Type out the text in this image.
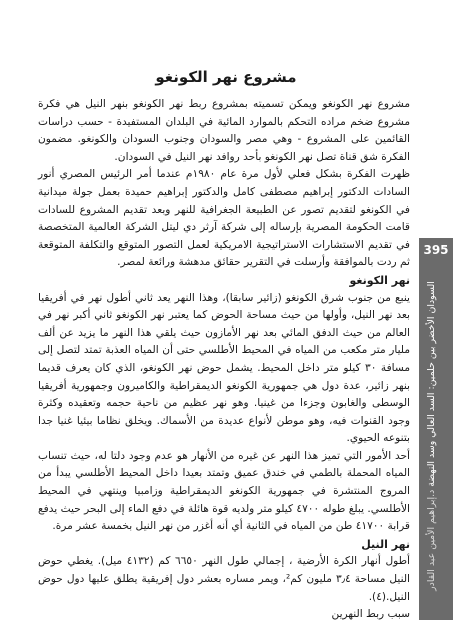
مشروع نهر الكونغو

مشروع نهر الكونغو ويمكن تسميته بمشروع ربط نهر الكونغو بنهر النيل هي فكرة مشروع ضخم مراده التحكم بالموارد المائية في البلدان المستفيدة - حسب دراسات القائمين على المشروع - وهي مصر والسودان وجنوب السودان والكونغو. مضمون الفكرة شق قناة تصل نهر الكونغو بأحد روافد نهر النيل في السودان.

ظهرت الفكرة بشكل فعلي لأول مرة عام ١٩٨٠م عندما أمر الرئيس المصري أنور السادات الدكتور إبراهيم مصطفى كامل والدكتور إبراهيم حميدة بعمل جولة ميدانية في الكونغو لتقديم تصور عن الطبيعة الجغرافية للنهر وبعد تقديم المشروع للسادات قامت الحكومة المصرية بإرساله إلى شركة آرثر دي ليتل الشركة العالمية المتخصصة في تقديم الاستشارات الاستراتيجية الامريكية لعمل التصور المتوقع والتكلفة المتوقعة ثم ردت بالموافقة وأرسلت في التقرير حقائق مدهشة ورائعة لمصر.

نهر الكونغو

ينبع من جنوب شرق الكونغو (زائير سابقا)، وهذا النهر يعد ثاني أطول نهر في أفريقيا بعد نهر النيل، وأولها من حيث مساحة الحوض كما يعتبر نهر الكونغو ثاني أكبر نهر في العالم من حيث الدفق المائي بعد نهر الأمازون حيث يلقي هذا النهر ما يزيد عن ألف مليار متر مكعب من المياه في المحيط الأطلسي حتى أن المياه العذبة تمتد لتصل إلى مسافة ٣٠ كيلو متر داخل المحيط. يشمل حوض نهر الكونغو، الذي كان يعرف قديما بنهر زائير، عدة دول هي جمهورية الكونغو الديمقراطية والكاميرون وجمهورية أفريقيا الوسطى والغابون وجزءا من غينيا. وهو نهر عظيم من ناحية حجمه وتعقيده وكثرة وجود القنوات فيه، وهو موطن لأنواع عديدة من الأسماك. ويخلق نظاما بيئيا غنيا جدا بتنوعه الحيوي.

أحد الأمور التي تميز هذا النهر عن غيره من الأنهار هو عدم وجود دلتا له، حيث تنساب المياه المحملة بالطمي في خندق عميق وتمتد بعيدا داخل المحيط الأطلسي يبدأ من المروج المنتشرة في جمهورية الكونغو الديمقراطية وزامبيا وينتهي في المحيط الأطلسي. يبلغ طوله ٤٧٠٠ كيلو متر ولديه قوة هائلة في دفع الماء إلى البحر حيث يدفع قرابة ٤١٧٠٠ طن من المياه في الثانية أي أنه أغزر من نهر النيل بخمسة عشر مرة.

نهر النيل

أطول أنهار الكرة الأرضية ، إجمالي طول النهر ٦٦٥٠ كم (٤١٣٢ ميل). يغطي حوض النيل مساحة ٣٫٤ مليون كم²، ويمر مساره بعشر دول إفريقية يطلق عليها دول حوض النيل.(٤).

سبب ربط النهرين

395
السودان الأخضر بين حلمين: السد العالي وسد النهضة د.إبراهيم الأمين عبد القادر
